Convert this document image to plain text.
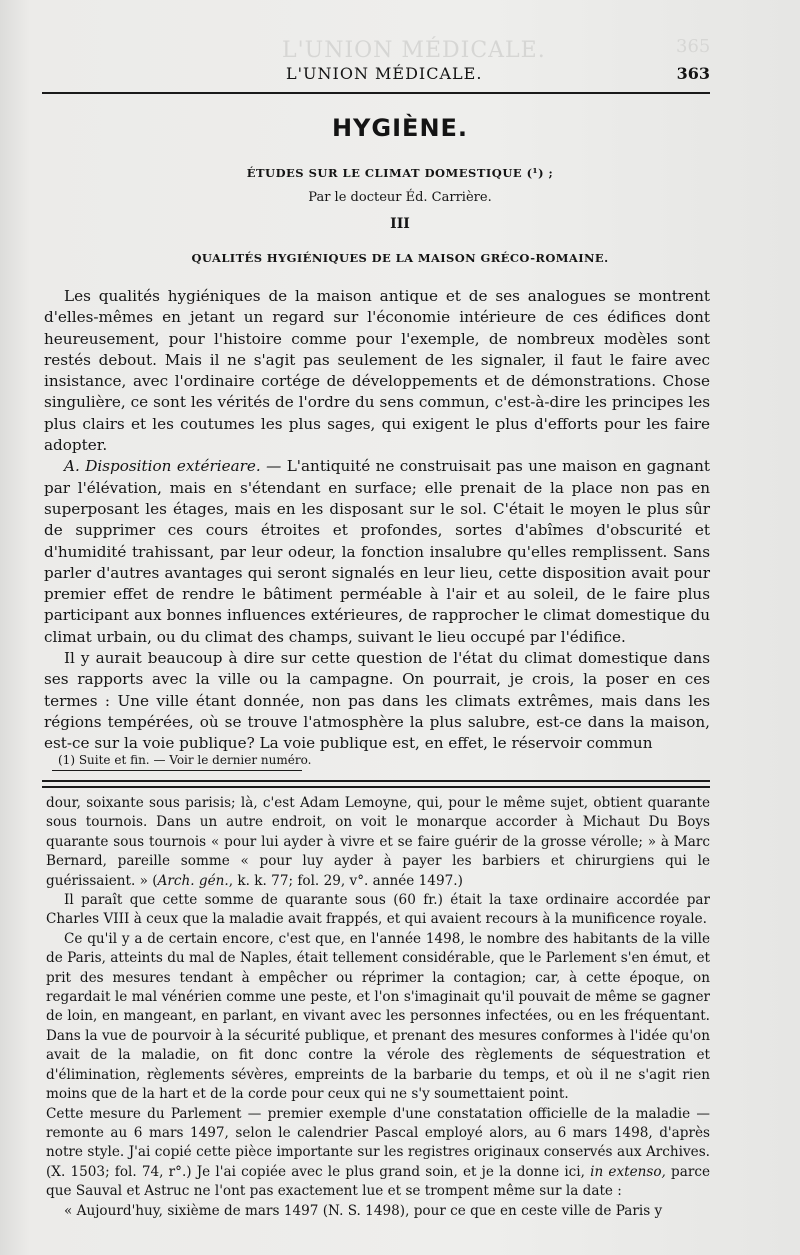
L'UNION MÉDICALE.	365
L'UNION MÉDICALE.	363
HYGIÈNE.
ÉTUDES SUR LE CLIMAT DOMESTIQUE (¹) ;
Par le docteur Éd. Carrière.
III
QUALITÉS HYGIÉNIQUES DE LA MAISON GRÉCO-ROMAINE.

Les qualités hygiéniques de la maison antique et de ses analogues se montrent d'elles-mêmes en jetant un regard sur l'économie intérieure de ces édifices dont heureusement, pour l'histoire comme pour l'exemple, de nombreux modèles sont restés debout. Mais il ne s'agit pas seulement de les signaler, il faut le faire avec insistance, avec l'ordinaire cortége de développements et de démonstrations. Chose singulière, ce sont les vérités de l'ordre du sens commun, c'est-à-dire les principes les plus clairs et les coutumes les plus sages, qui exigent le plus d'efforts pour les faire adopter.

A. Disposition extérieare. — L'antiquité ne construisait pas une maison en gagnant par l'élévation, mais en s'étendant en surface; elle prenait de la place non pas en superposant les étages, mais en les disposant sur le sol. C'était le moyen le plus sûr de supprimer ces cours étroites et profondes, sortes d'abîmes d'obscurité et d'humidité trahissant, par leur odeur, la fonction insalubre qu'elles remplissent. Sans parler d'autres avantages qui seront signalés en leur lieu, cette disposition avait pour premier effet de rendre le bâtiment perméable à l'air et au soleil, de le faire plus participant aux bonnes influences extérieures, de rapprocher le climat domestique du climat urbain, ou du climat des champs, suivant le lieu occupé par l'édifice.

Il y aurait beaucoup à dire sur cette question de l'état du climat domestique dans ses rapports avec la ville ou la campagne. On pourrait, je crois, la poser en ces termes : Une ville étant donnée, non pas dans les climats extrêmes, mais dans les régions tempérées, où se trouve l'atmosphère la plus salubre, est-ce dans la maison, est-ce sur la voie publique? La voie publique est, en effet, le réservoir commun

(1) Suite et fin. — Voir le dernier numéro.

dour, soixante sous parisis; là, c'est Adam Lemoyne, qui, pour le même sujet, obtient quarante sous tournois. Dans un autre endroit, on voit le monarque accorder à Michaut Du Boys quarante sous tournois « pour lui ayder à vivre et se faire guérir de la grosse vérolle; » à Marc Bernard, pareille somme « pour luy ayder à payer les barbiers et chirurgiens qui le guérissaient. » (Arch. gén., k. k. 77; fol. 29, v°. année 1497.)

Il paraît que cette somme de quarante sous (60 fr.) était la taxe ordinaire accordée par Charles VIII à ceux que la maladie avait frappés, et qui avaient recours à la munificence royale.

Ce qu'il y a de certain encore, c'est que, en l'année 1498, le nombre des habitants de la ville de Paris, atteints du mal de Naples, était tellement considérable, que le Parlement s'en émut, et prit des mesures tendant à empêcher ou réprimer la contagion; car, à cette époque, on regardait le mal vénérien comme une peste, et l'on s'imaginait qu'il pouvait de même se gagner de loin, en mangeant, en parlant, en vivant avec les personnes infectées, ou en les fréquentant. Dans la vue de pourvoir à la sécurité publique, et prenant des mesures conformes à l'idée qu'on avait de la maladie, on fit donc contre la vérole des règlements de séquestration et d'élimination, règlements sévères, empreints de la barbarie du temps, et où il ne s'agit rien moins que de la hart et de la corde pour ceux qui ne s'y soumettaient point.

Cette mesure du Parlement — premier exemple d'une constatation officielle de la maladie — remonte au 6 mars 1497, selon le calendrier Pascal employé alors, au 6 mars 1498, d'après notre style. J'ai copié cette pièce importante sur les registres originaux conservés aux Archives. (X. 1503; fol. 74, r°.) Je l'ai copiée avec le plus grand soin, et je la donne ici, in extenso, parce que Sauval et Astruc ne l'ont pas exactement lue et se trompent même sur la date :

« Aujourd'huy, sixième de mars 1497 (N. S. 1498), pour ce que en ceste ville de Paris y
